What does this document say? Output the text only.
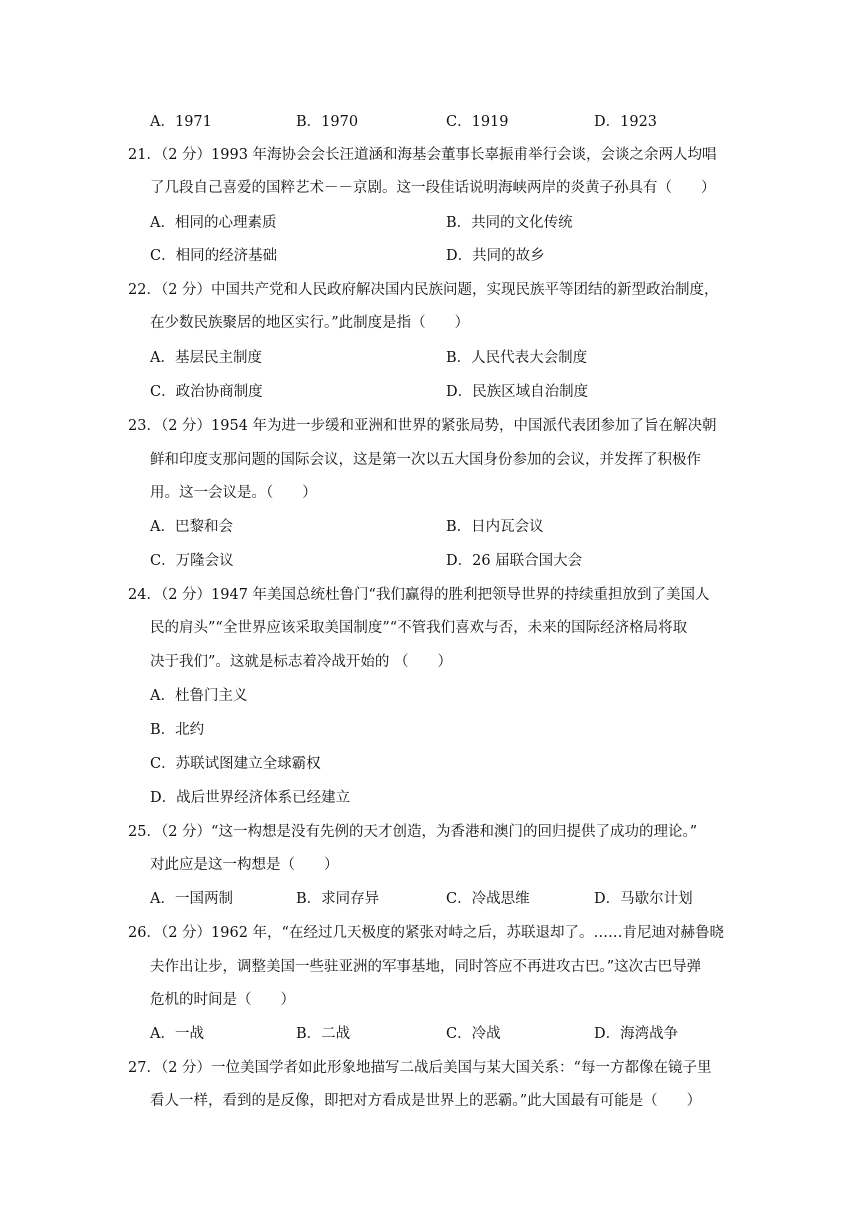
A．1971	B．1970	C．1919	D．1923
21．（2 分）1993 年海协会会长汪道涵和海基会董事长辜振甫举行会谈，会谈之余两人均唱
了几段自己喜爱的国粹艺术－－京剧。这一段佳话说明海峡两岸的炎黄子孙具有（　　）
A．相同的心理素质	B．共同的文化传统
C．相同的经济基础	D．共同的故乡
22．（2 分）中国共产党和人民政府解决国内民族问题，实现民族平等团结的新型政治制度，
在少数民族聚居的地区实行。”此制度是指（　　）
A．基层民主制度	B．人民代表大会制度
C．政治协商制度	D．民族区域自治制度
23．（2 分）1954 年为进一步缓和亚洲和世界的紧张局势，中国派代表团参加了旨在解决朝
鲜和印度支那问题的国际会议，这是第一次以五大国身份参加的会议，并发挥了积极作
用。这一会议是。（　　）
A．巴黎和会	B．日内瓦会议
C．万隆会议	D．26 届联合国大会
24．（2 分）1947 年美国总统杜鲁门“我们赢得的胜利把领导世界的持续重担放到了美国人
民的肩头”“全世界应该采取美国制度”“不管我们喜欢与否，未来的国际经济格局将取
决于我们”。这就是标志着冷战开始的 （　　）
A．杜鲁门主义
B．北约
C．苏联试图建立全球霸权
D．战后世界经济体系已经建立
25．（2 分）“这一构想是没有先例的天才创造，为香港和澳门的回归提供了成功的理论。”
对此应是这一构想是（　　）
A．一国两制	B．求同存异	C．冷战思维	D．马歇尔计划
26．（2 分）1962 年，“在经过几天极度的紧张对峙之后，苏联退却了。……肯尼迪对赫鲁晓
夫作出让步，调整美国一些驻亚洲的军事基地，同时答应不再进攻古巴。”这次古巴导弹
危机的时间是（　　）
A．一战	B．二战	C．冷战	D．海湾战争
27．（2 分）一位美国学者如此形象地描写二战后美国与某大国关系：“每一方都像在镜子里
看人一样，看到的是反像，即把对方看成是世界上的恶霸。”此大国最有可能是（　　）
